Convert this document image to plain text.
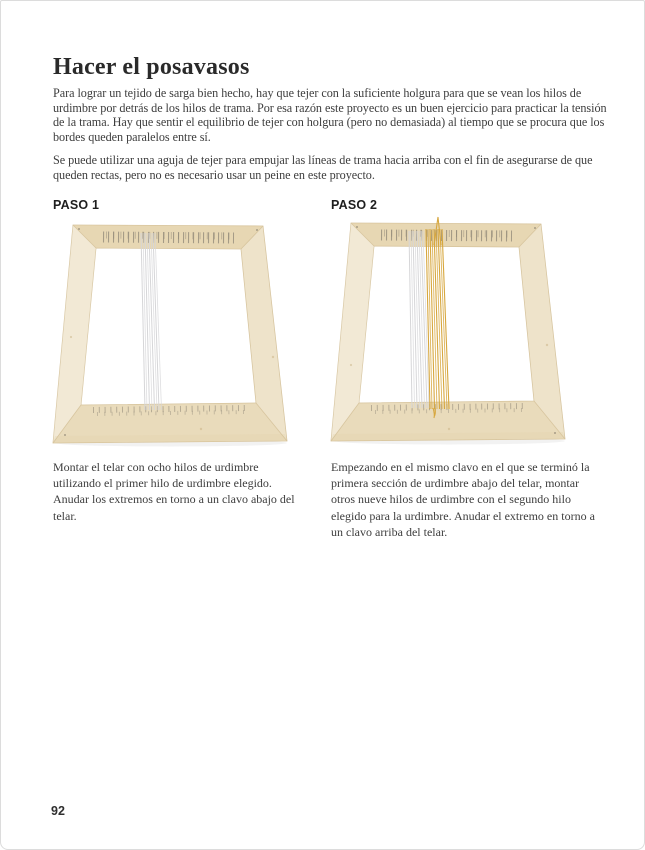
Hacer el posavasos

Para lograr un tejido de sarga bien hecho, hay que tejer con la suficiente holgura para que se vean los hilos de urdimbre por detrás de los hilos de trama. Por esa razón este proyecto es un buen ejercicio para practicar la tensión de la trama. Hay que sentir el equilibrio de tejer con holgura (pero no demasiada) al tiempo que se procura que los bordes queden paralelos entre sí.

Se puede utilizar una aguja de tejer para empujar las líneas de trama hacia arriba con el fin de asegurarse de que queden rectas, pero no es necesario usar un peine en este proyecto.

PASO 1	PASO 2

Montar el telar con ocho hilos de urdimbre utilizando el primer hilo de urdimbre elegido. Anudar los extremos en torno a un clavo abajo del telar.

Empezando en el mismo clavo en el que se terminó la primera sección de urdimbre abajo del telar, montar otros nueve hilos de urdimbre con el segundo hilo elegido para la urdimbre. Anudar el extremo en torno a un clavo arriba del telar.

92
